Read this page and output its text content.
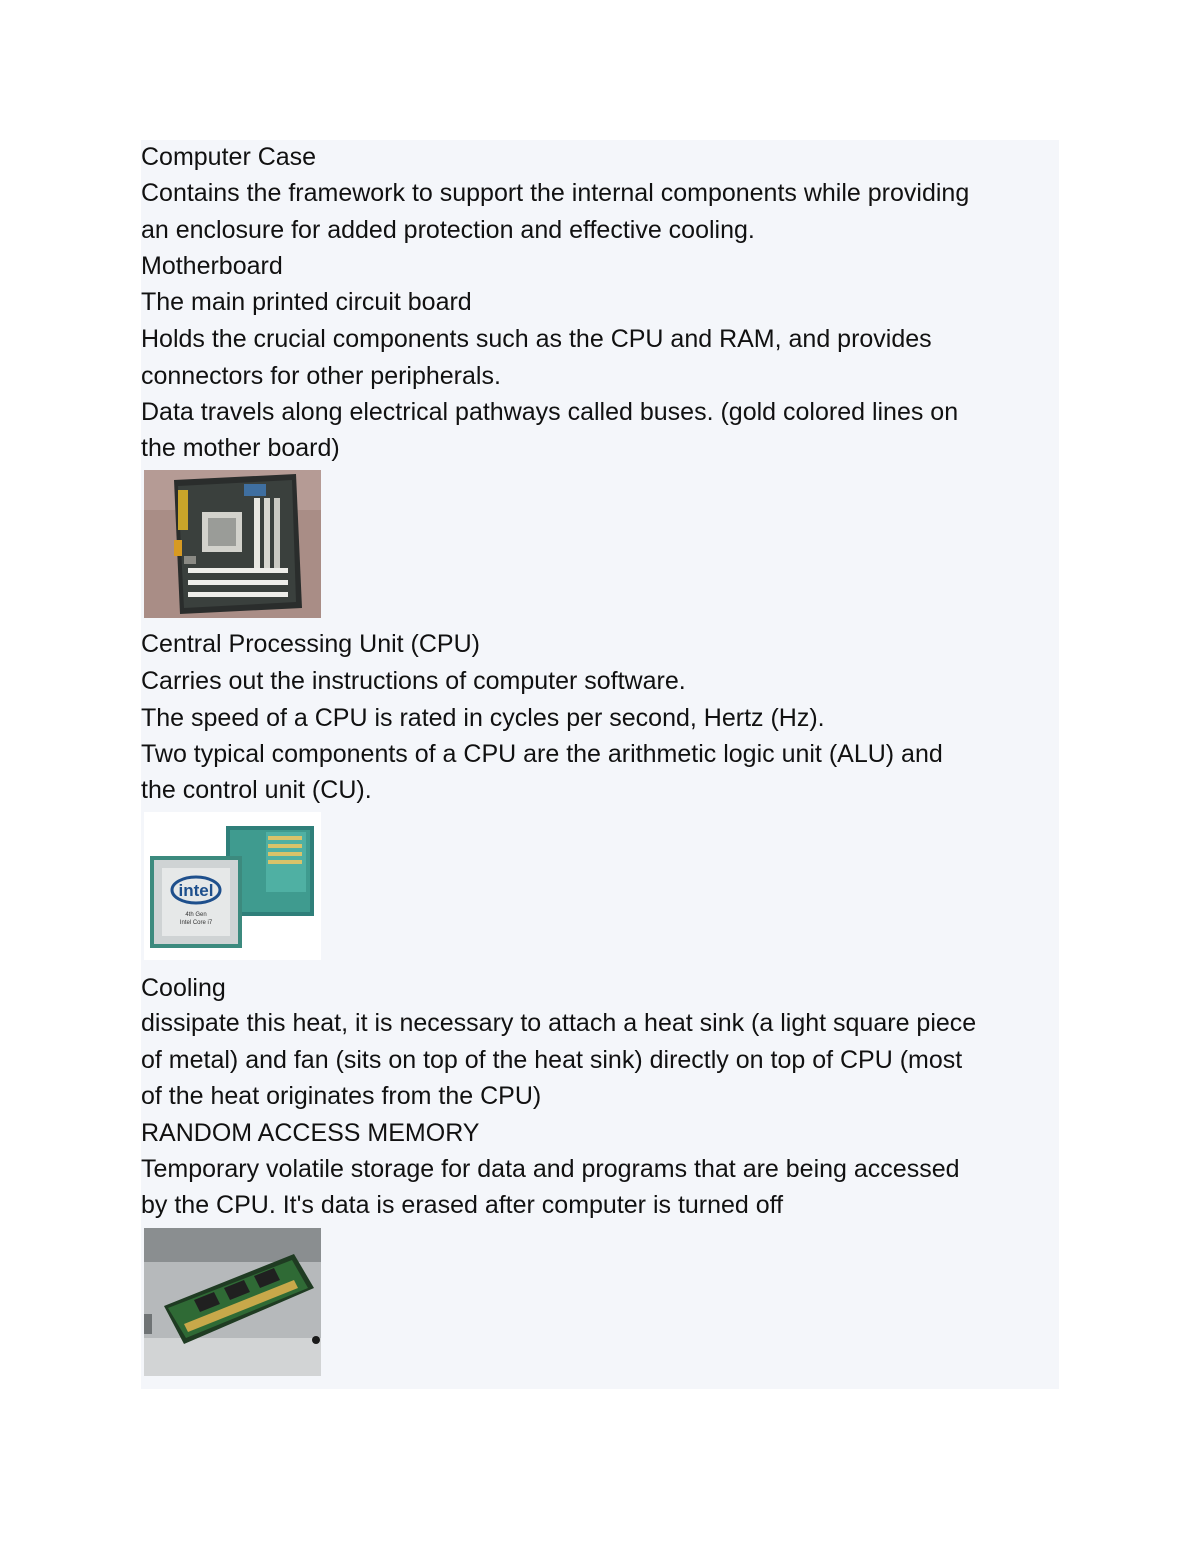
Computer Case
Contains the framework to support the internal components while providing
an enclosure for added protection and effective cooling.
Motherboard
The main printed circuit board
Holds the crucial components such as the CPU and RAM, and provides
connectors for other peripherals.
Data travels along electrical pathways called buses. (gold colored lines on
the mother board)
Central Processing Unit (CPU)
Carries out the instructions of computer software.
The speed of a CPU is rated in cycles per second, Hertz (Hz).
Two typical components of a CPU are the arithmetic logic unit (ALU) and
the control unit (CU).
intel
4th Gen
Intel Core i7
Cooling
dissipate this heat, it is necessary to attach a heat sink (a light square piece
of metal) and fan (sits on top of the heat sink) directly on top of CPU (most
of the heat originates from the CPU)
RANDOM ACCESS MEMORY
Temporary volatile storage for data and programs that are being accessed
by the CPU. It's data is erased after computer is turned off
